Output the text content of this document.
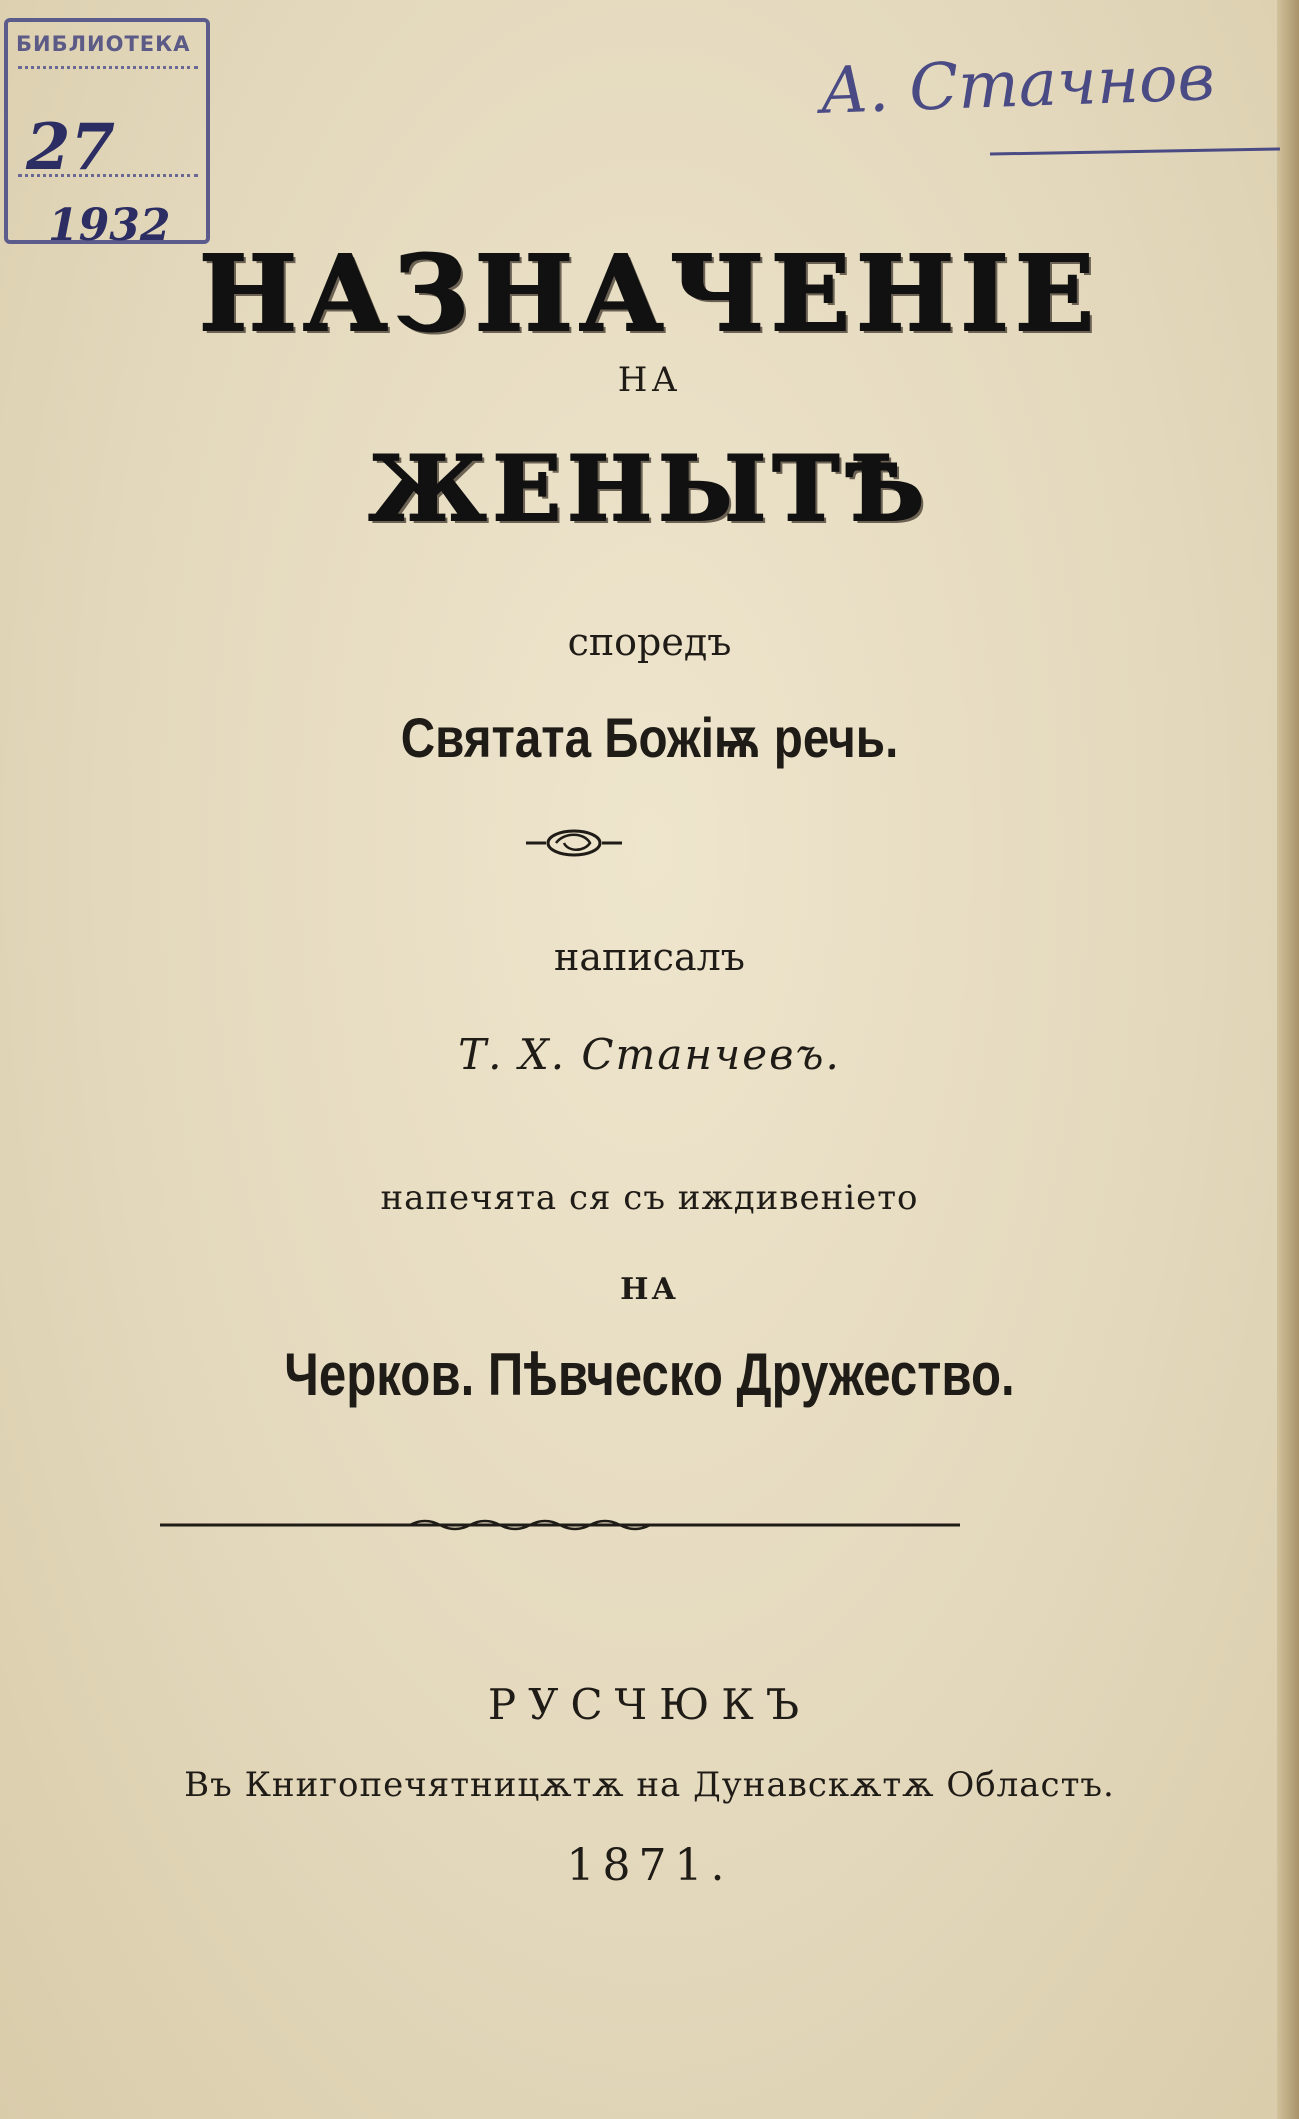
БИБЛИОТЕКА
27
1932
А. Стачнов
НАЗНАЧЕНІЕ
НА
ЖЕНЫТѢ
споредъ
Святата Божіѭ речь.
написалъ
Т. Х. Станчевъ.
напечята ся съ иждивеніето
НА
Черков. Пѣвческо Дружество.
РУСЧЮКЪ
Въ Книгопечятницѫтѫ на Дунавскѫтѫ Областъ.
1871.
